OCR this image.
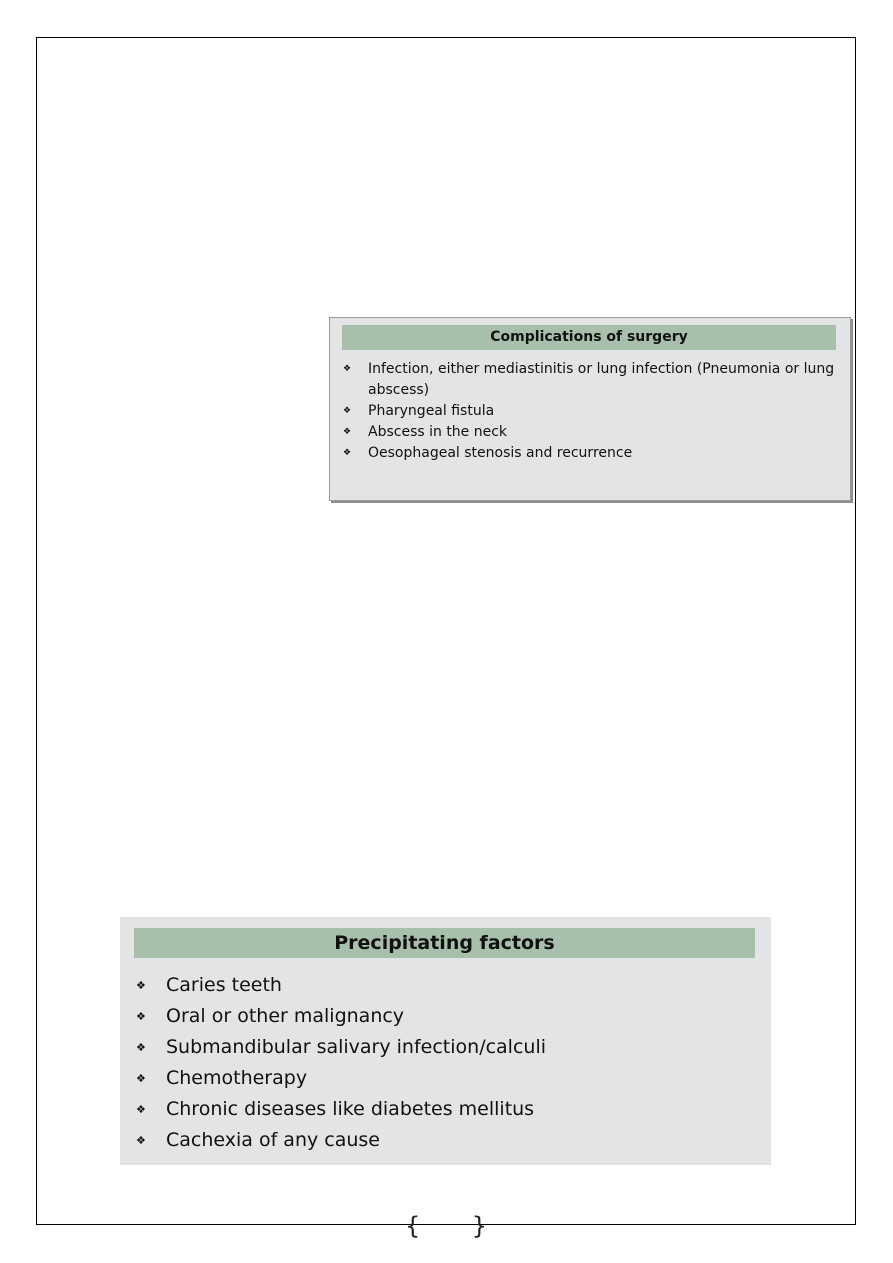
Complications of surgery
❖ Infection, either mediastinitis or lung infection (Pneumonia or lung abscess)
❖ Pharyngeal fistula
❖ Abscess in the neck
❖ Oesophageal stenosis and recurrence
Precipitating factors
❖ Caries teeth
❖ Oral or other malignancy
❖ Submandibular salivary infection/calculi
❖ Chemotherapy
❖ Chronic diseases like diabetes mellitus
❖ Cachexia of any cause
{ }
